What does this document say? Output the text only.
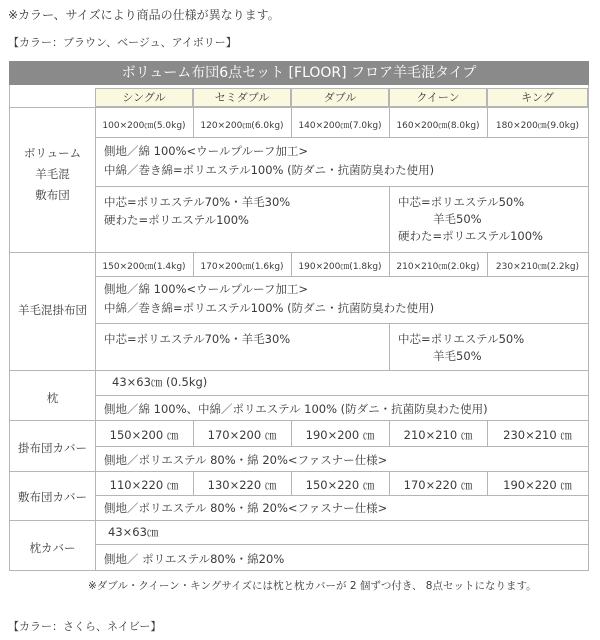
※カラー、サイズにより商品の仕様が異なります。
【カラー：ブラウン、ベージュ、アイボリー】
ボリューム布団6点セット [FLOOR] フロア羊毛混タイプ
シングル	セミダブル	ダブル	クイーン	キング
ボリューム
羊毛混
敷布団
100×200㎝(5.0kg)	120×200㎝(6.0kg)	140×200㎝(7.0kg)	160×200㎝(8.0kg)	180×200㎝(9.0kg)
側地／綿 100%<ウールプルーフ加工>
中綿／巻き綿=ポリエステル100% (防ダニ・抗菌防臭わた使用)
中芯=ポリエステル70%・羊毛30%
硬わた=ポリエステル100%
中芯=ポリエステル50%
羊毛50%
硬わた=ポリエステル100%
羊毛混掛布団
150×200㎝(1.4kg)	170×200㎝(1.6kg)	190×200㎝(1.8kg)	210×210㎝(2.0kg)	230×210㎝(2.2kg)
側地／綿 100%<ウールプルーフ加工>
中綿／巻き綿=ポリエステル100% (防ダニ・抗菌防臭わた使用)
中芯=ポリエステル70%・羊毛30%	中芯=ポリエステル50%
羊毛50%
枕
43×63㎝ (0.5kg)
側地／綿 100%、中綿／ポリエステル 100% (防ダニ・抗菌防臭わた使用)
掛布団カバー
150×200 ㎝	170×200 ㎝	190×200 ㎝	210×210 ㎝	230×210 ㎝
側地／ポリエステル 80%・綿 20%<ファスナー仕様>
敷布団カバー
110×220 ㎝	130×220 ㎝	150×220 ㎝	170×220 ㎝	190×220 ㎝
側地／ポリエステル 80%・綿 20%<ファスナー仕様>
枕カバー
43×63㎝
側地／ ポリエステル80%・綿20%
※ダブル・クイーン・キングサイズには枕と枕カバーが 2 個ずつ付き、 8点セットになります。
【カラー：さくら、ネイビー】
